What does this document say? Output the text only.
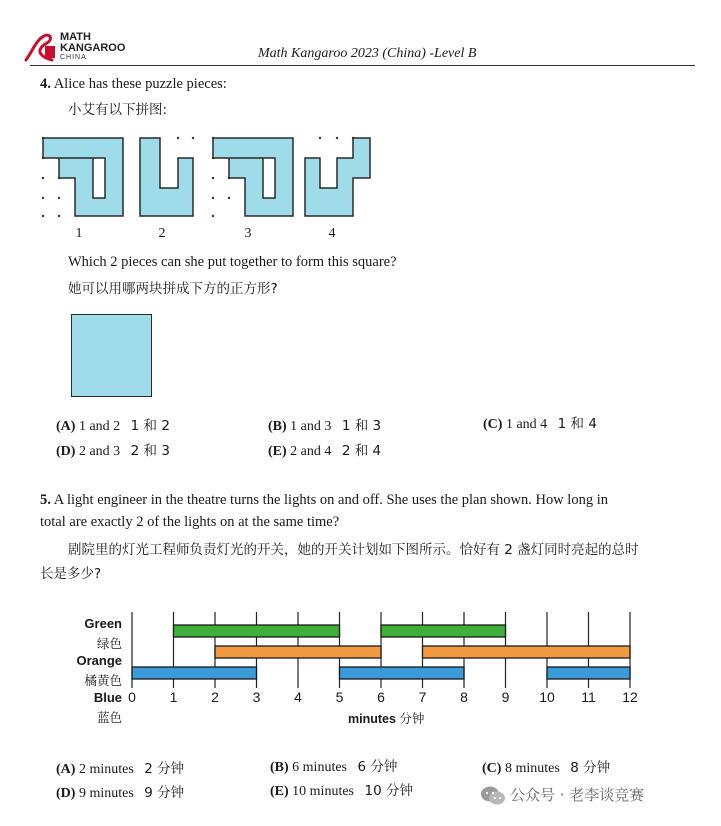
MATH
KANGAROO
CHINA	Math Kangaroo 2023 (China) -Level B
4. Alice has these puzzle pieces:
小艾有以下拼图:
1	2	3	4
Which 2 pieces can she put together to form this square?
她可以用哪两块拼成下方的正方形?
(A) 1 and 2 1 和 2	(B) 1 and 3 1 和 3	(C) 1 and 4 1 和 4
(D) 2 and 3 2 和 3	(E) 2 and 4 2 和 4
5. A light engineer in the theatre turns the lights on and off. She uses the plan shown. How long in
total are exactly 2 of the lights on at the same time?
剧院里的灯光工程师负责灯光的开关，她的开关计划如下图所示。恰好有 2 盏灯同时亮起的总时
长是多少?
Green
绿色
Orange
橘黄色
Blue
蓝色
0	1	2	3	4	5	6	7	8	9	10 11 12
minutes 分钟
(A) 2 minutes 2 分钟	(B) 6 minutes 6 分钟	(C) 8 minutes 8 分钟
(D) 9 minutes 9 分钟	(E) 10 minutes 10 分钟	公众号 · 老李谈竞赛
